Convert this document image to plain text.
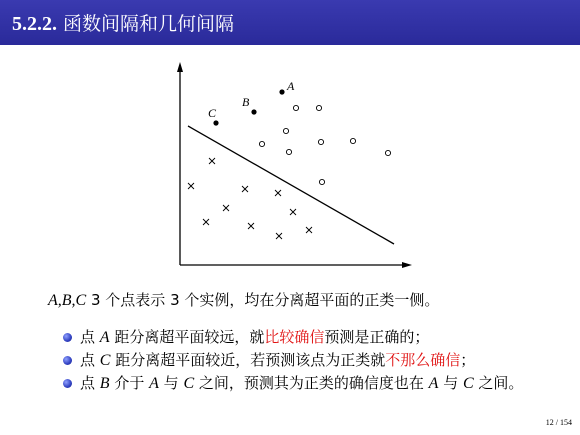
5.2.2. 函数间隔和几何间隔
A
B
C
A,B,C 3 个点表示 3 个实例，均在分离超平面的正类一侧。
点 A 距分离超平面较远，就比较确信预测是正确的；
点 C 距分离超平面较近，若预测该点为正类就不那么确信；
点 B 介于 A 与 C 之间，预测其为正类的确信度也在 A 与 C 之间。
12 / 154
